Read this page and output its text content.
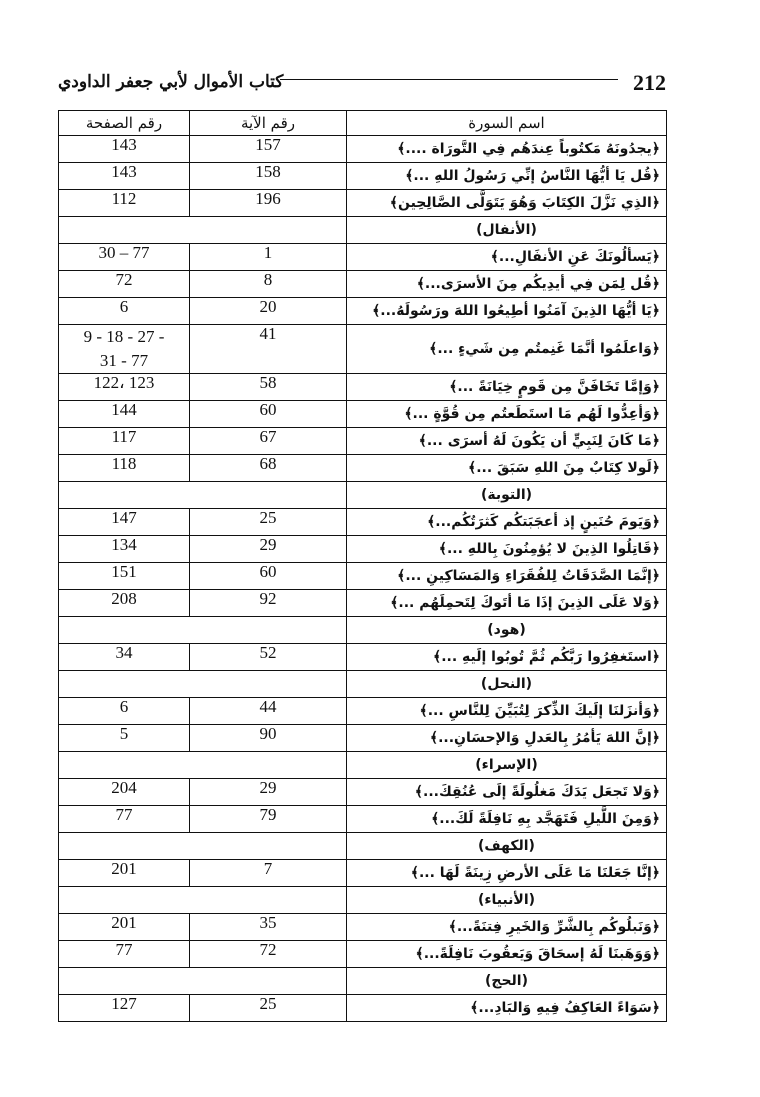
212
كتاب الأموال لأبي جعفر الداودي
اسم السورة	رقم الآية	رقم الصفحة
﴿يجدُونَهُ مَكتُوباً عِندَهُم فِي التَّورَاة ....﴾	157	143
﴿قُل يَا أيُّهَا النَّاسُ إنِّي رَسُولُ اللهِ ...﴾	158	143
﴿الذِي نَزَّلَ الكِتَابَ وَهُوَ يَتَوَلَّى الصَّالِحِين﴾	196	112
(الأنفال)		
﴿يَسألُونَكَ عَنِ الأنفَالِ...﴾	1	30 – 77
﴿قُل لِمَن فِي أيدِيكُم مِنَ الأسرَى...﴾	8	72
﴿يَا أيُّهَا الذِينَ آمَنُوا أطِيعُوا اللهَ ورَسُولَهُ...﴾	20	6
﴿وَاعلَمُوا أنَّمَا غَنِمتُم مِن شَيءٍ ...﴾	41	9 - 18 - 27 -
31 - 77

﴿وَإمَّا تَخَافَنَّ مِن قَومٍ خِيَانَةً ...﴾	58	122، 123
﴿وَأعِدُّوا لَهُم مَا استَطَعتُم مِن قُوَّةٍ ...﴾	60	144
﴿مَا كَانَ لِنَبِيٍّ أن يَكُونَ لَهُ أسرَى ...﴾	67	117
﴿لَولا كِتَابٌ مِنَ اللهِ سَبَقَ ...﴾	68	118
(التوبة)		
﴿وَيَومَ حُنَينٍ إذ أعجَبَتكُم كَثرَتُكُم...﴾	25	147
﴿قَاتِلُوا الذِينَ لا يُؤمِنُونَ بِاللهِ ...﴾	29	134
﴿إنَّمَا الصَّدَقَاتُ لِلفُقَرَاءِ وَالمَسَاكِينِ ...﴾	60	151
﴿وَلا عَلَى الذِينَ إذَا مَا أتَوكَ لِتَحمِلَهُم ...﴾	92	208
(هود)		
﴿استَغفِرُوا رَبَّكُم ثُمَّ تُوبُوا إلَيهِ ...﴾	52	34
(النحل)		
﴿وَأنزَلنَا إلَيكَ الذِّكرَ لِتُبَيِّنَ لِلنَّاسِ ...﴾	44	6
﴿إنَّ اللهَ يَأمُرُ بِالعَدلِ وَالإحسَانِ...﴾	90	5
(الإسراء)		
﴿وَلا تَجعَل يَدَكَ مَغلُولَةً إلَى عُنُقِكَ...﴾	29	204
﴿وَمِنَ اللَّيلِ فَتَهَجَّد بِهِ نَافِلَةً لَكَ...﴾	79	77
(الكهف)		
﴿إنَّا جَعَلنَا مَا عَلَى الأرضِ زِينَةً لَهَا ...﴾	7	201
(الأنبياء)		
﴿وَنَبلُوكُم بِالشَّرِّ وَالخَيرِ فِتنَةً...﴾	35	201
﴿وَوَهَبنَا لَهُ إسحَاقَ وَيَعقُوبَ نَافِلَةً...﴾	72	77
(الحج)		
﴿سَوَاءً العَاكِفُ فِيهِ وَالبَادِ...﴾	25	127
